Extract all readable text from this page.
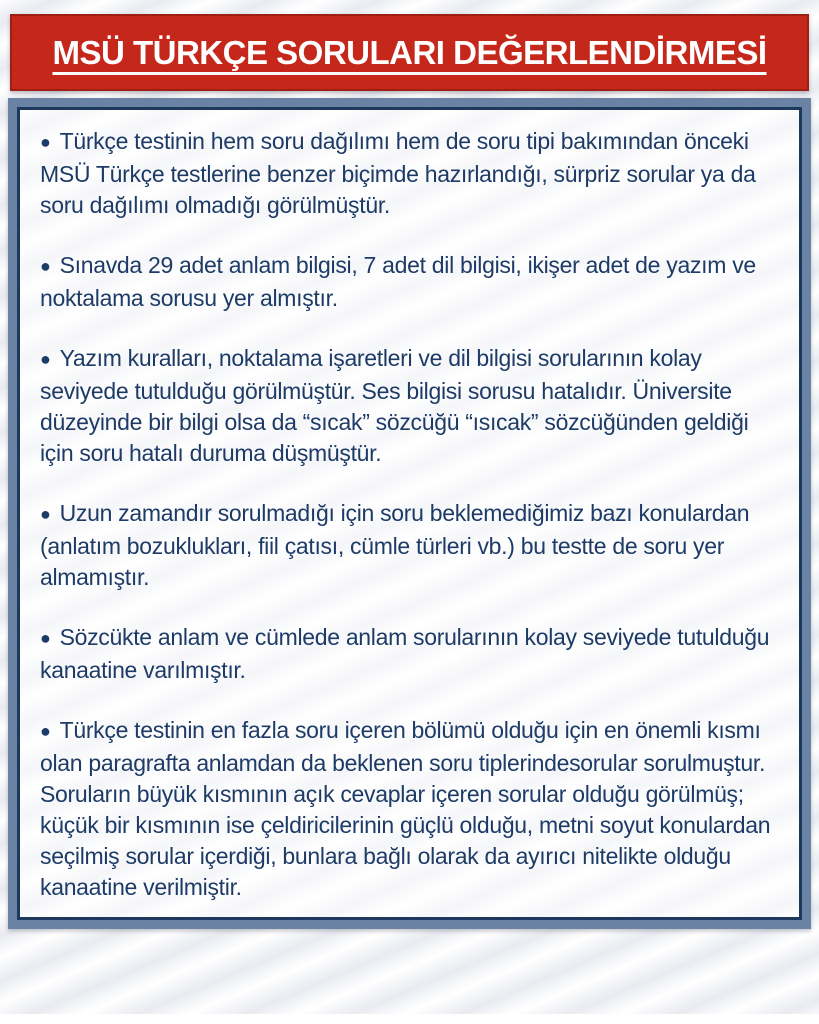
MSÜ TÜRKÇE SORULARI DEĞERLENDİRMESİ

● Türkçe testinin hem soru dağılımı hem de soru tipi bakımından önceki MSÜ Türkçe testlerine benzer biçimde hazırlandığı, sürpriz sorular ya da soru dağılımı olmadığı görülmüştür.

● Sınavda 29 adet anlam bilgisi, 7 adet dil bilgisi, ikişer adet de yazım ve noktalama sorusu yer almıştır.

● Yazım kuralları, noktalama işaretleri ve dil bilgisi sorularının kolay seviyede tutulduğu görülmüştür. Ses bilgisi sorusu hatalıdır. Üniversite düzeyinde bir bilgi olsa da “sıcak” sözcüğü “ısıcak” sözcüğünden geldiği için soru hatalı duruma düşmüştür.

● Uzun zamandır sorulmadığı için soru beklemediğimiz bazı konulardan (anlatım bozuklukları, fiil çatısı, cümle türleri vb.) bu testte de soru yer almamıştır.

● Sözcükte anlam ve cümlede anlam sorularının kolay seviyede tutulduğu kanaatine varılmıştır.

● Türkçe testinin en fazla soru içeren bölümü olduğu için en önemli kısmı olan paragrafta anlamdan da beklenen soru tiplerindesorular sorulmuştur. Soruların büyük kısmının açık cevaplar içeren sorular olduğu görülmüş; küçük bir kısmının ise çeldiricilerinin güçlü olduğu, metni soyut konulardan seçilmiş sorular içerdiği, bunlara bağlı olarak da ayırıcı nitelikte olduğu kanaatine verilmiştir.
